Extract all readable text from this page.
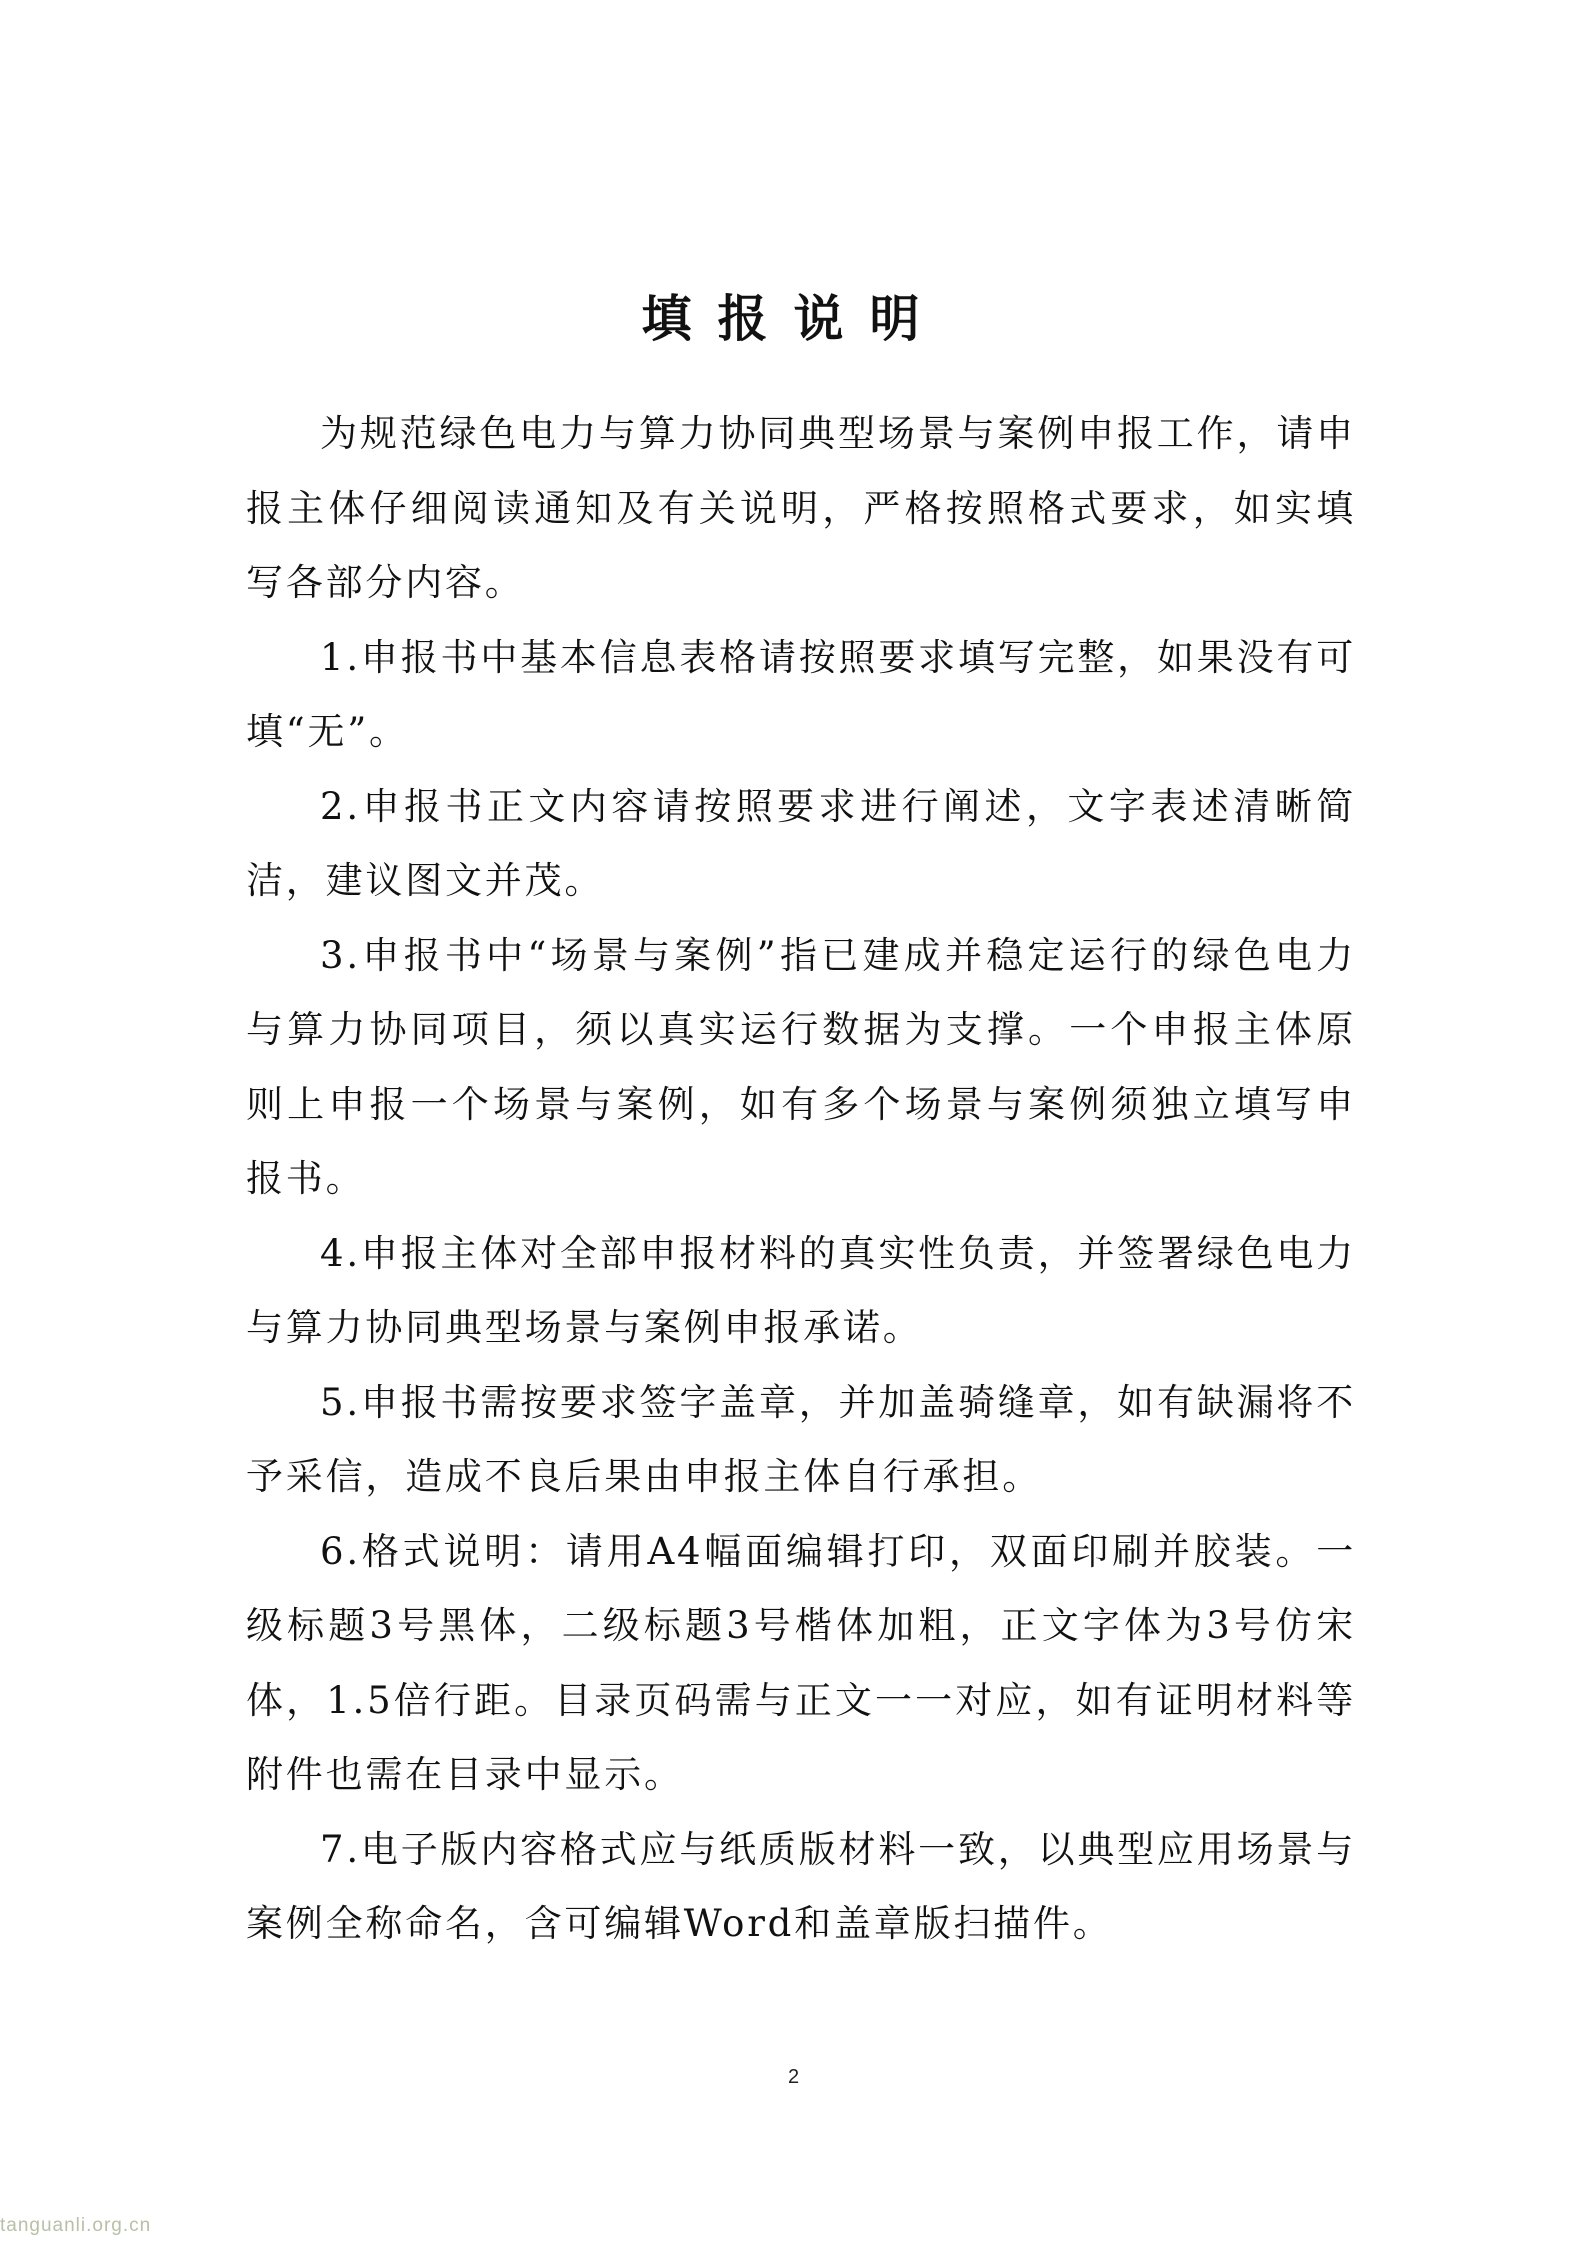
填报说明

为规范绿色电力与算力协同典型场景与案例申报工作，请申报主体仔细阅读通知及有关说明，严格按照格式要求，如实填写各部分内容。

1.申报书中基本信息表格请按照要求填写完整，如果没有可填“无”。

2.申报书正文内容请按照要求进行阐述，文字表述清晰简洁，建议图文并茂。

3.申报书中“场景与案例”指已建成并稳定运行的绿色电力与算力协同项目，须以真实运行数据为支撑。一个申报主体原则上申报一个场景与案例，如有多个场景与案例须独立填写申报书。

4.申报主体对全部申报材料的真实性负责，并签署绿色电力与算力协同典型场景与案例申报承诺。

5.申报书需按要求签字盖章，并加盖骑缝章，如有缺漏将不予采信，造成不良后果由申报主体自行承担。

6.格式说明：请用A4幅面编辑打印，双面印刷并胶装。一级标题3号黑体，二级标题3号楷体加粗，正文字体为3号仿宋体，1.5倍行距。目录页码需与正文一一对应，如有证明材料等附件也需在目录中显示。

7.电子版内容格式应与纸质版材料一致，以典型应用场景与案例全称命名，含可编辑Word和盖章版扫描件。

2
tanguanli.org.cn
